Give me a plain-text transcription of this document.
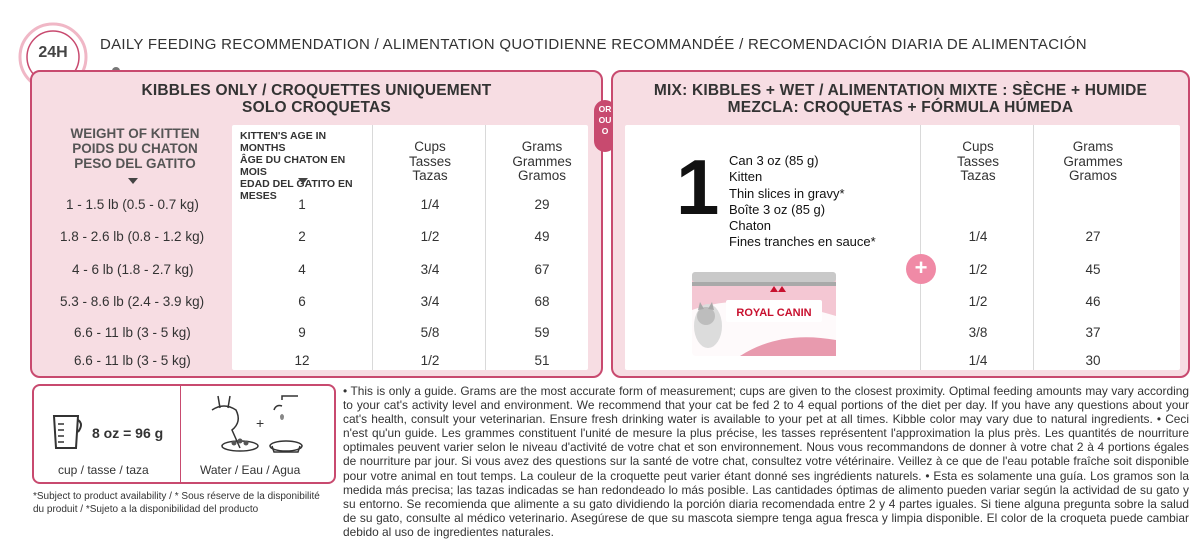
24H	DAILY FEEDING RECOMMENDATION / ALIMENTATION QUOTIDIENNE RECOMMANDÉE / RECOMENDACIÓN DIARIA DE ALIMENTACIÓN
KIBBLES ONLY / CROQUETTES UNIQUEMENT
SOLO CROQUETAS
WEIGHT OF KITTEN
POIDS DU CHATON
PESO DEL GATITO
KITTEN'S AGE IN MONTHS
ÂGE DU CHATON EN MOIS
EDAD DEL GATITO EN MESES
Cups
Tasses
Tazas
Grams
Grammes
Gramos
1 - 1.5 lb (0.5 - 0.7 kg)	1	1/4	29
1.8 - 2.6 lb (0.8 - 1.2 kg)	2	1/2	49
4 - 6 lb (1.8 - 2.7 kg)	4	3/4	67
5.3 - 8.6 lb (2.4 - 3.9 kg)	6	3/4	68
6.6 - 11 lb (3 - 5 kg)	9	5/8	59
6.6 - 11 lb (3 - 5 kg)	12	1/2	51
OR
OU
O
MIX: KIBBLES + WET / ALIMENTATION MIXTE : SÈCHE + HUMIDE
MEZCLA: CROQUETAS + FÓRMULA HÚMEDA
1 Can 3 oz (85 g)
Kitten
Thin slices in gravy*
Boîte 3 oz (85 g)
Chaton
Fines tranches en sauce*
ROYAL CANIN
+
Cups
Tasses
Tazas
Grams
Grammes
Gramos
1/4	27
1/2	45
1/2	46
3/8	37
1/4	30
8 oz = 96 g
cup / tasse / taza
+
Water / Eau / Agua
*Subject to product availability / * Sous réserve de la disponibilité du produit / *Sujeto a la disponibilidad del producto
• This is only a guide. Grams are the most accurate form of measurement; cups are given to the closest proximity. Optimal feeding amounts may vary according to your cat's activity level and environment. We recommend that your cat be fed 2 to 4 equal portions of the diet per day. If you have any questions about your cat's health, consult your veterinarian. Ensure fresh drinking water is available to your pet at all times. Kibble color may vary due to natural ingredients. • Ceci n'est qu'un guide. Les grammes constituent l'unité de mesure la plus précise, les tasses représentent l'approximation la plus près. Les quantités de nourriture optimales peuvent varier selon le niveau d'activité de votre chat et son environnement. Nous vous recommandons de donner à votre chat 2 à 4 portions égales de nourriture par jour. Si vous avez des questions sur la santé de votre chat, consultez votre vétérinaire. Veillez à ce que de l'eau potable fraîche soit disponible pour votre animal en tout temps. La couleur de la croquette peut varier étant donné ses ingrédients naturels. • Esta es solamente una guía. Los gramos son la medida más precisa; las tazas indicadas se han redondeado lo más posible. Las cantidades óptimas de alimento pueden variar según la actividad de su gato y su entorno. Se recomienda que alimente a su gato dividiendo la porción diaria recomendada entre 2 y 4 partes iguales. Si tiene alguna pregunta sobre la salud de su gato, consulte al médico veterinario. Asegúrese de que su mascota siempre tenga agua fresca y limpia disponible. El color de la croqueta puede cambiar debido al uso de ingredientes naturales.
